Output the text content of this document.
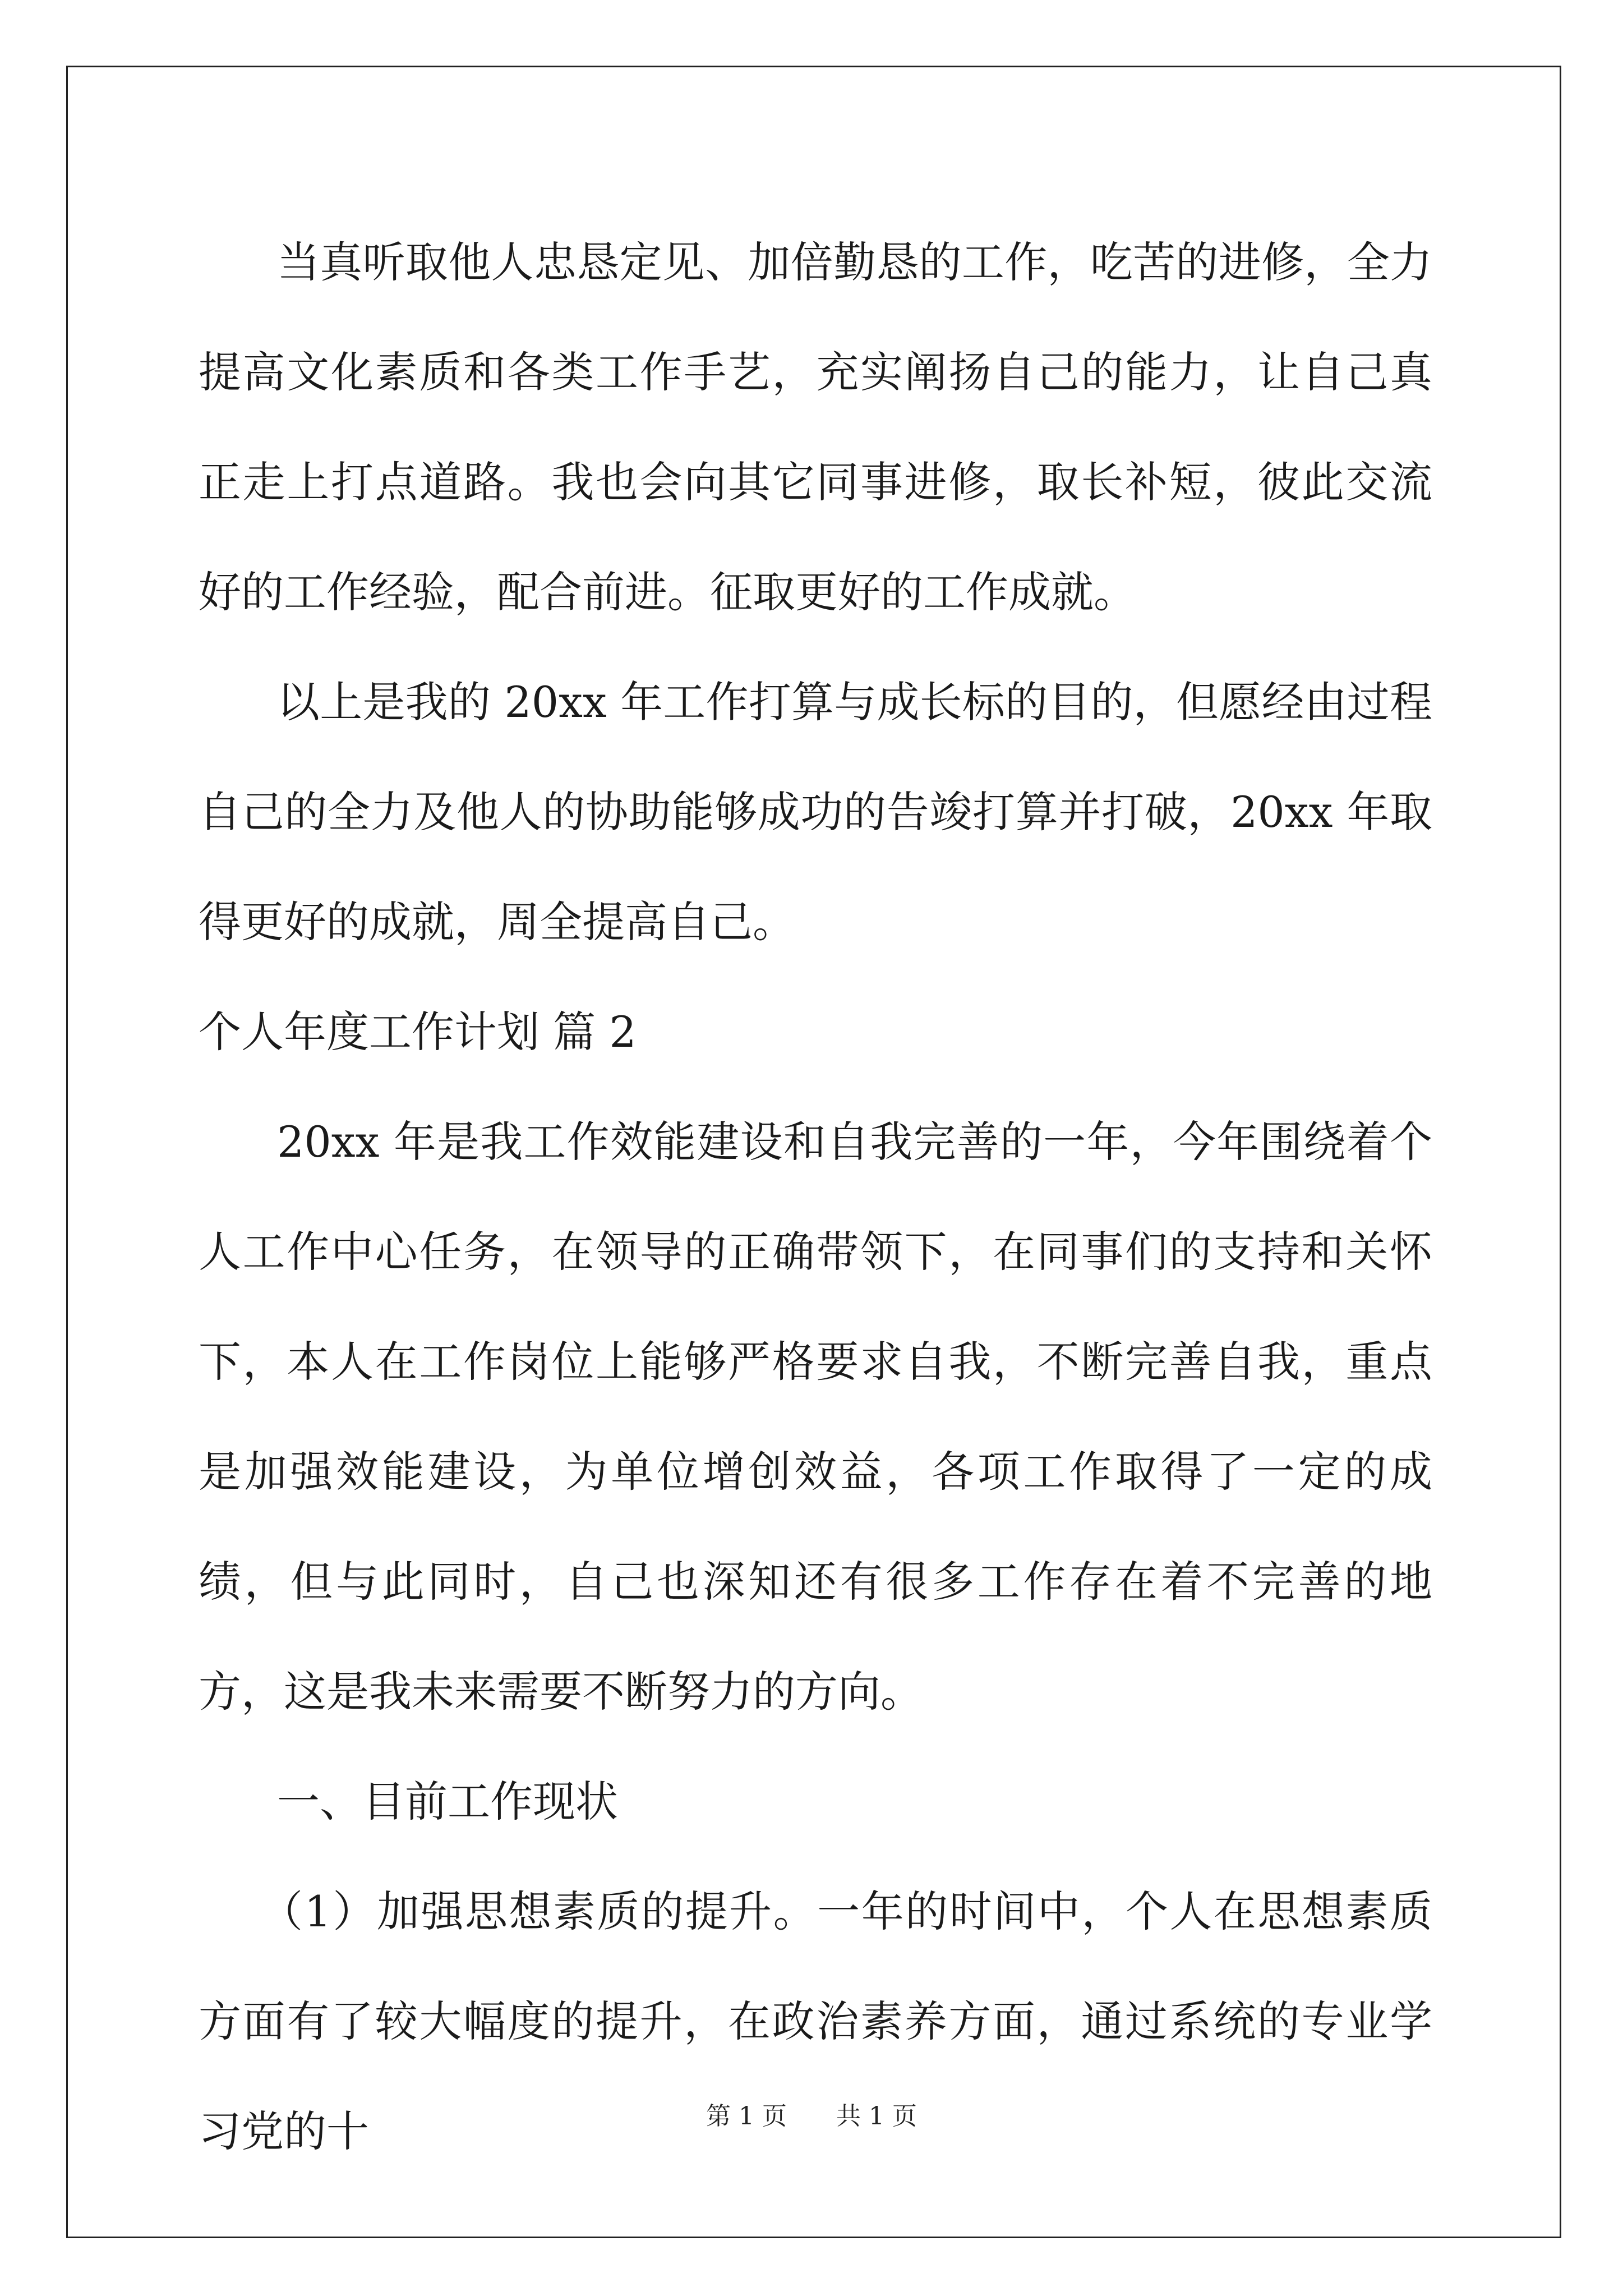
当真听取他人忠恳定见、加倍勤恳的工作，吃苦的进修，全力提高文化素质和各类工作手艺，充实阐扬自己的能力，让自己真正走上打点道路。我也会向其它同事进修，取长补短，彼此交流好的工作经验，配合前进。征取更好的工作成就。

以上是我的 20xx 年工作打算与成长标的目的，但愿经由过程自己的全力及他人的协助能够成功的告竣打算并打破，20xx 年取得更好的成就，周全提高自己。

个人年度工作计划 篇 2

20xx 年是我工作效能建设和自我完善的一年，今年围绕着个人工作中心任务，在领导的正确带领下，在同事们的支持和关怀下，本人在工作岗位上能够严格要求自我，不断完善自我，重点是加强效能建设，为单位增创效益，各项工作取得了一定的成绩，但与此同时，自己也深知还有很多工作存在着不完善的地方，这是我未来需要不断努力的方向。

一、目前工作现状

（1）加强思想素质的提升。一年的时间中，个人在思想素质方面有了较大幅度的提升，在政治素养方面，通过系统的专业学习党的十	第 1 页 共 1 页
